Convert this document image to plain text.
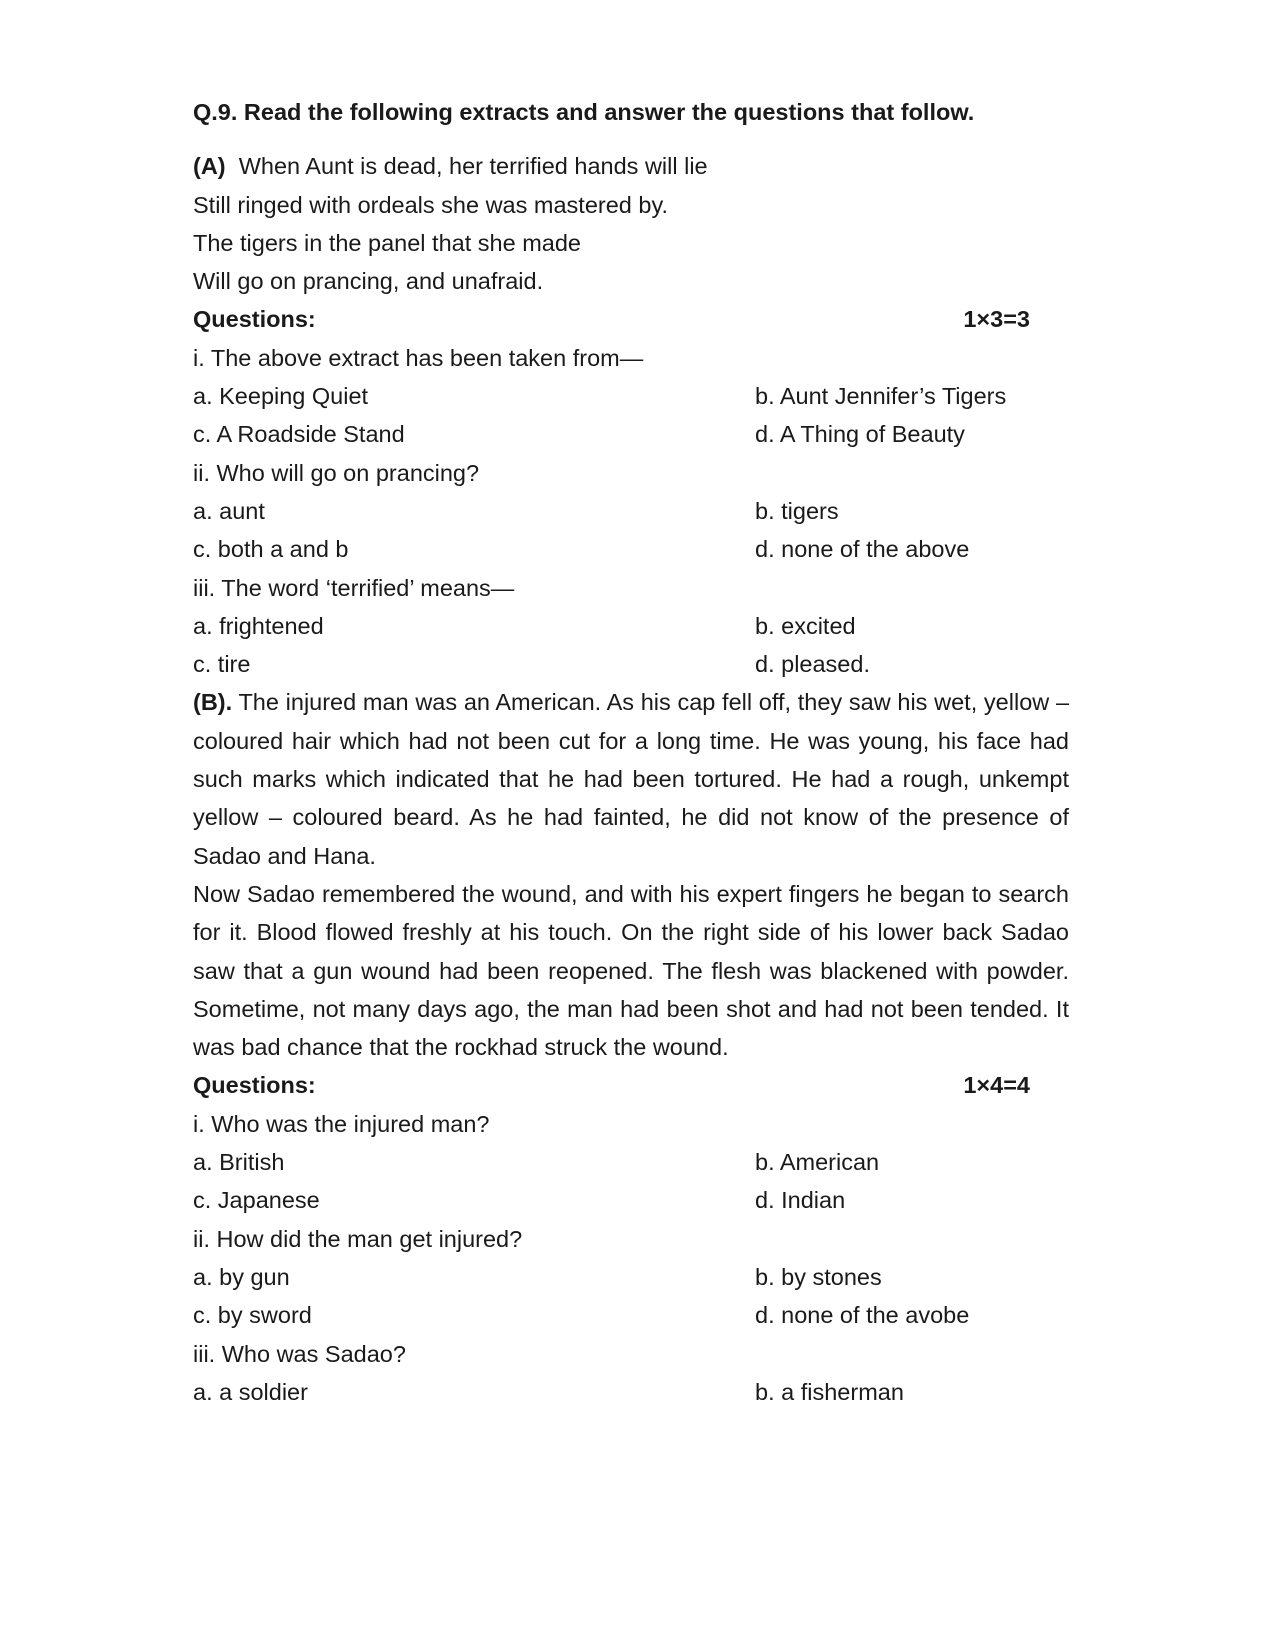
Q.9. Read the following extracts and answer the questions that follow.
(A) When Aunt is dead, her terrified hands will lie
Still ringed with ordeals she was mastered by.
The tigers in the panel that she made
Will go on prancing, and unafraid.
Questions:	1×3=3
i. The above extract has been taken from—
a. Keeping Quiet	b. Aunt Jennifer’s Tigers
c. A Roadside Stand	d. A Thing of Beauty
ii. Who will go on prancing?
a. aunt	b. tigers
c. both a and b	d. none of the above
iii. The word ‘terrified’ means—
a. frightened	b. excited
c. tire	d. pleased.
(B). The injured man was an American. As his cap fell off, they saw his wet, yellow – coloured hair which had not been cut for a long time. He was young, his face had such marks which indicated that he had been tortured. He had a rough, unkempt yellow – coloured beard. As he had fainted, he did not know of the presence of Sadao and Hana.
Now Sadao remembered the wound, and with his expert fingers he began to search for it. Blood flowed freshly at his touch. On the right side of his lower back Sadao saw that a gun wound had been reopened. The flesh was blackened with powder. Sometime, not many days ago, the man had been shot and had not been tended. It was bad chance that the rockhad struck the wound.
Questions:	1×4=4
i. Who was the injured man?
a. British	b. American
c. Japanese	d. Indian
ii. How did the man get injured?
a. by gun	b. by stones
c. by sword	d. none of the avobe
iii. Who was Sadao?
a. a soldier	b. a fisherman
